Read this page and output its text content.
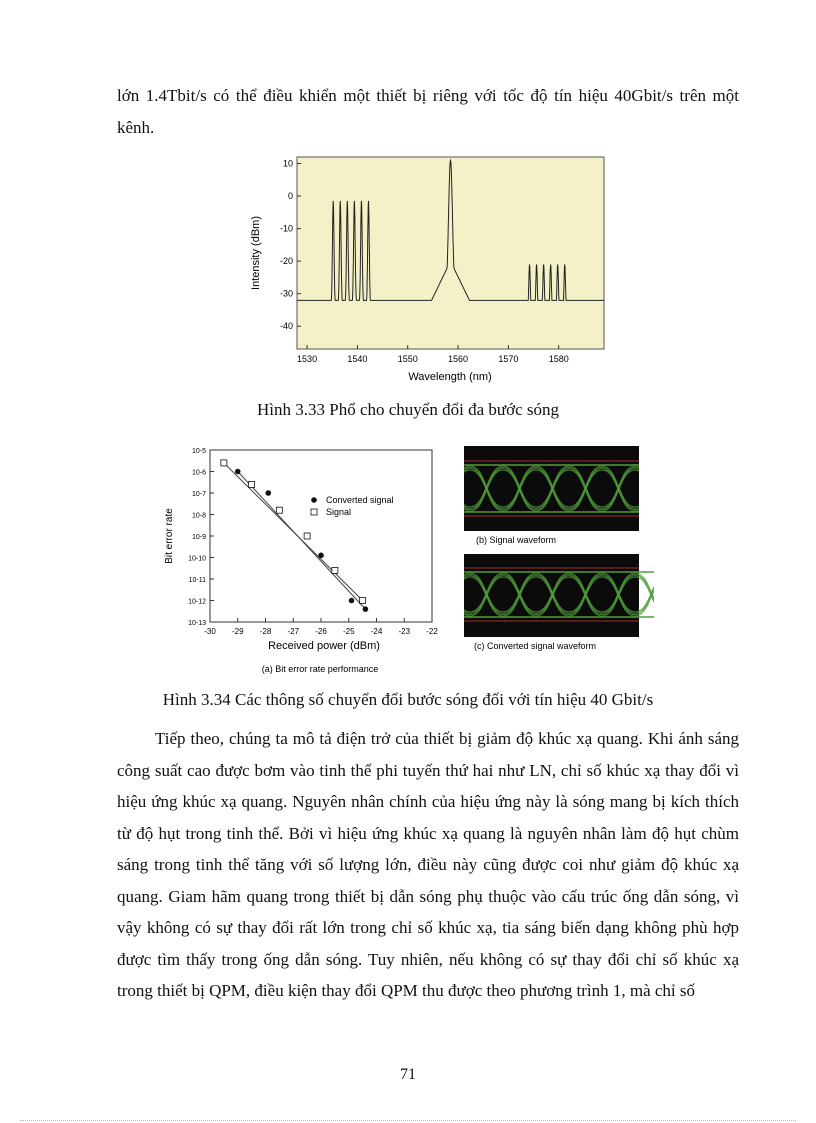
lớn 1.4Tbit/s có thể điều khiển một thiết bị riêng với tốc độ tín hiệu 40Gbit/s trên một kênh.

1530	1540	1550	1560	1570	1580
10
0
-10
-20
-30
-40
Wavelength (nm)
Intensity (dBm)

Hình 3.33 Phổ cho chuyển đổi đa bước sóng

-30 -29 -28 -27 -26 -25 -24 -23 -22
10-5
10-6
10-7
10-8
10-9
10-10
10-11
10-12
10-13
Converted signal
Signal
Received power (dBm)
Bit error rate
(a) Bit error rate performance
(b) Signal waveform
(c) Converted signal waveform

Hình 3.34 Các thông số chuyển đổi bước sóng đối với tín hiệu 40 Gbit/s

Tiếp theo, chúng ta mô tả điện trở của thiết bị giảm độ khúc xạ quang. Khi ánh sáng công suất cao được bơm vào tinh thể phi tuyến thứ hai như LN, chỉ số khúc xạ thay đổi vì hiệu ứng khúc xạ quang. Nguyên nhân chính của hiệu ứng này là sóng mang bị kích thích từ độ hụt trong tinh thể. Bởi vì hiệu ứng khúc xạ quang là nguyên nhân làm độ hụt chùm sáng trong tinh thể tăng với số lượng lớn, điều này cũng được coi như giảm độ khúc xạ quang. Giam hãm quang trong thiết bị dẫn sóng phụ thuộc vào cấu trúc ống dẫn sóng, vì vậy không có sự thay đổi rất lớn trong chỉ số khúc xạ, tia sáng biến dạng không phù hợp được tìm thấy trong ống dẫn sóng. Tuy nhiên, nếu không có sự thay đổi chỉ số khúc xạ trong thiết bị QPM, điều kiện thay đổi QPM thu được theo phương trình 1, mà chỉ số

71
